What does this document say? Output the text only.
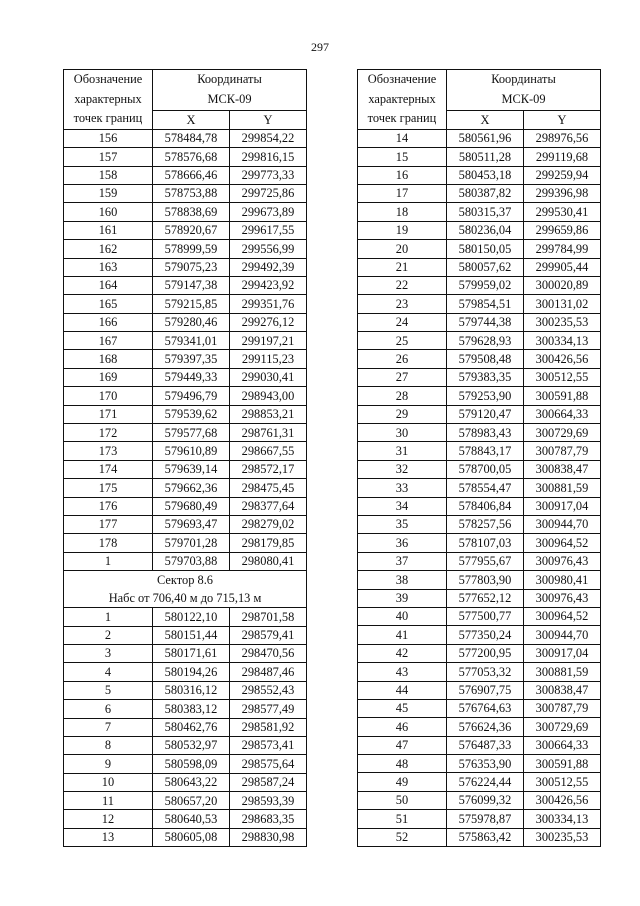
297
Обозначение
характерных
точек границ	Координаты
МСК-09	
	X	Y
156	578484,78	299854,22
157	578576,68	299816,15
158	578666,46	299773,33
159	578753,88	299725,86
160	578838,69	299673,89
161	578920,67	299617,55
162	578999,59	299556,99
163	579075,23	299492,39
164	579147,38	299423,92
165	579215,85	299351,76
166	579280,46	299276,12
167	579341,01	299197,21
168	579397,35	299115,23
169	579449,33	299030,41
170	579496,79	298943,00
171	579539,62	298853,21
172	579577,68	298761,31
173	579610,89	298667,55
174	579639,14	298572,17
175	579662,36	298475,45
176	579680,49	298377,64
177	579693,47	298279,02
178	579701,28	298179,85
1	579703,88	298080,41
Сектор 8.6
Набс от 706,40 м до 715,13 м		
1	580122,10	298701,58
2	580151,44	298579,41
3	580171,61	298470,56
4	580194,26	298487,46
5	580316,12	298552,43
6	580383,12	298577,49
7	580462,76	298581,92
8	580532,97	298573,41
9	580598,09	298575,64
10	580643,22	298587,24
11	580657,20	298593,39
12	580640,53	298683,35
13	580605,08	298830,98
Обозначение
характерных
точек границ	Координаты
МСК-09	
	X	Y
14	580561,96	298976,56
15	580511,28	299119,68
16	580453,18	299259,94
17	580387,82	299396,98
18	580315,37	299530,41
19	580236,04	299659,86
20	580150,05	299784,99
21	580057,62	299905,44
22	579959,02	300020,89
23	579854,51	300131,02
24	579744,38	300235,53
25	579628,93	300334,13
26	579508,48	300426,56
27	579383,35	300512,55
28	579253,90	300591,88
29	579120,47	300664,33
30	578983,43	300729,69
31	578843,17	300787,79
32	578700,05	300838,47
33	578554,47	300881,59
34	578406,84	300917,04
35	578257,56	300944,70
36	578107,03	300964,52
37	577955,67	300976,43
38	577803,90	300980,41
39	577652,12	300976,43
40	577500,77	300964,52
41	577350,24	300944,70
42	577200,95	300917,04
43	577053,32	300881,59
44	576907,75	300838,47
45	576764,63	300787,79
46	576624,36	300729,69
47	576487,33	300664,33
48	576353,90	300591,88
49	576224,44	300512,55
50	576099,32	300426,56
51	575978,87	300334,13
52	575863,42	300235,53
